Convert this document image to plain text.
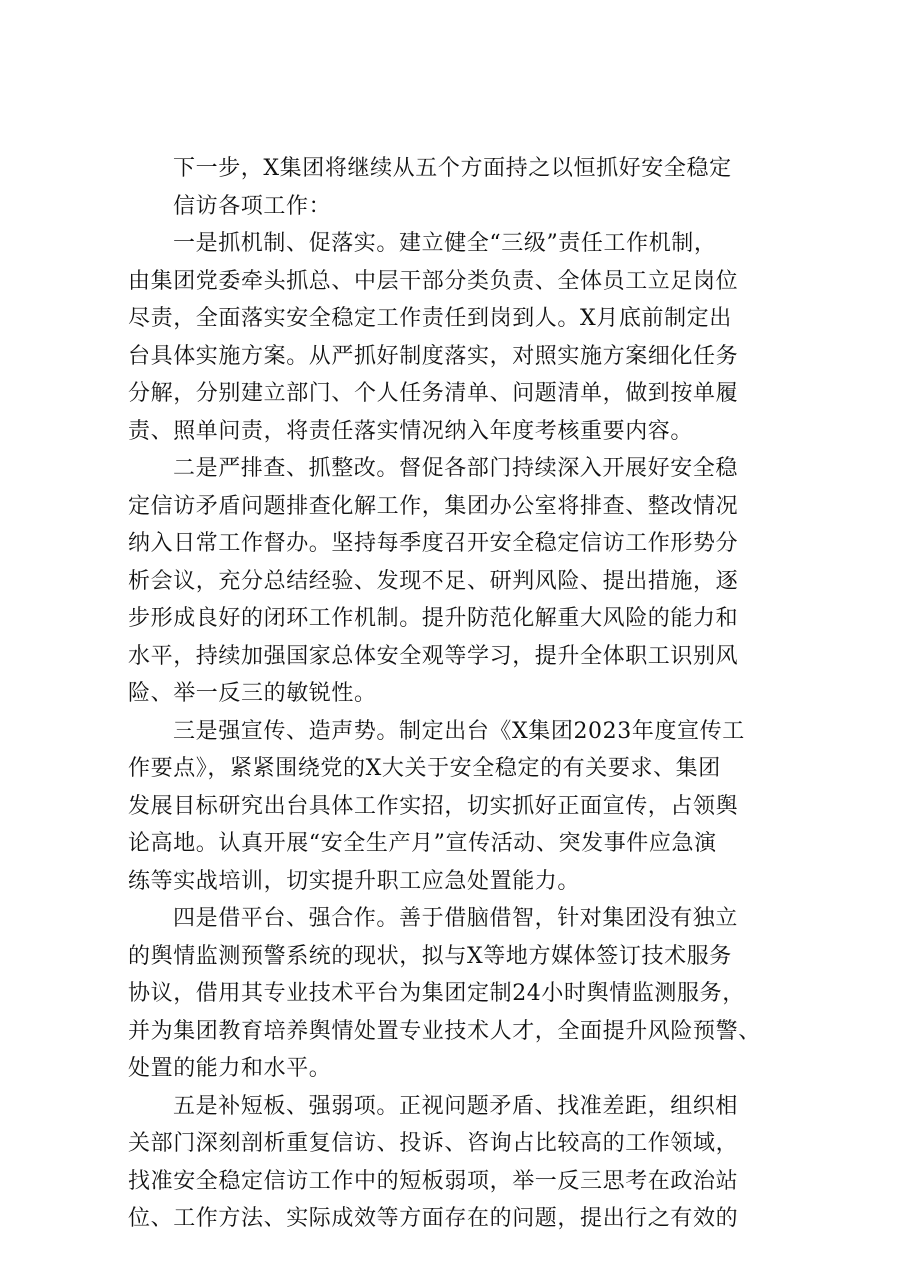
下一步，X集团将继续从五个方面持之以恒抓好安全稳定
信访各项工作：
一是抓机制、促落实。建立健全“三级”责任工作机制，
由集团党委牵头抓总、中层干部分类负责、全体员工立足岗位
尽责，全面落实安全稳定工作责任到岗到人。X月底前制定出
台具体实施方案。从严抓好制度落实，对照实施方案细化任务
分解，分别建立部门、个人任务清单、问题清单，做到按单履
责、照单问责，将责任落实情况纳入年度考核重要内容。
二是严排查、抓整改。督促各部门持续深入开展好安全稳
定信访矛盾问题排查化解工作，集团办公室将排查、整改情况
纳入日常工作督办。坚持每季度召开安全稳定信访工作形势分
析会议，充分总结经验、发现不足、研判风险、提出措施，逐
步形成良好的闭环工作机制。提升防范化解重大风险的能力和
水平，持续加强国家总体安全观等学习，提升全体职工识别风
险、举一反三的敏锐性。
三是强宣传、造声势。制定出台《X集团2023年度宣传工
作要点》，紧紧围绕党的X大关于安全稳定的有关要求、集团
发展目标研究出台具体工作实招，切实抓好正面宣传，占领舆
论高地。认真开展“安全生产月”宣传活动、突发事件应急演
练等实战培训，切实提升职工应急处置能力。
四是借平台、强合作。善于借脑借智，针对集团没有独立
的舆情监测预警系统的现状，拟与X等地方媒体签订技术服务
协议，借用其专业技术平台为集团定制24小时舆情监测服务，
并为集团教育培养舆情处置专业技术人才，全面提升风险预警、
处置的能力和水平。
五是补短板、强弱项。正视问题矛盾、找准差距，组织相
关部门深刻剖析重复信访、投诉、咨询占比较高的工作领域，
找准安全稳定信访工作中的短板弱项，举一反三思考在政治站
位、工作方法、实际成效等方面存在的问题，提出行之有效的
